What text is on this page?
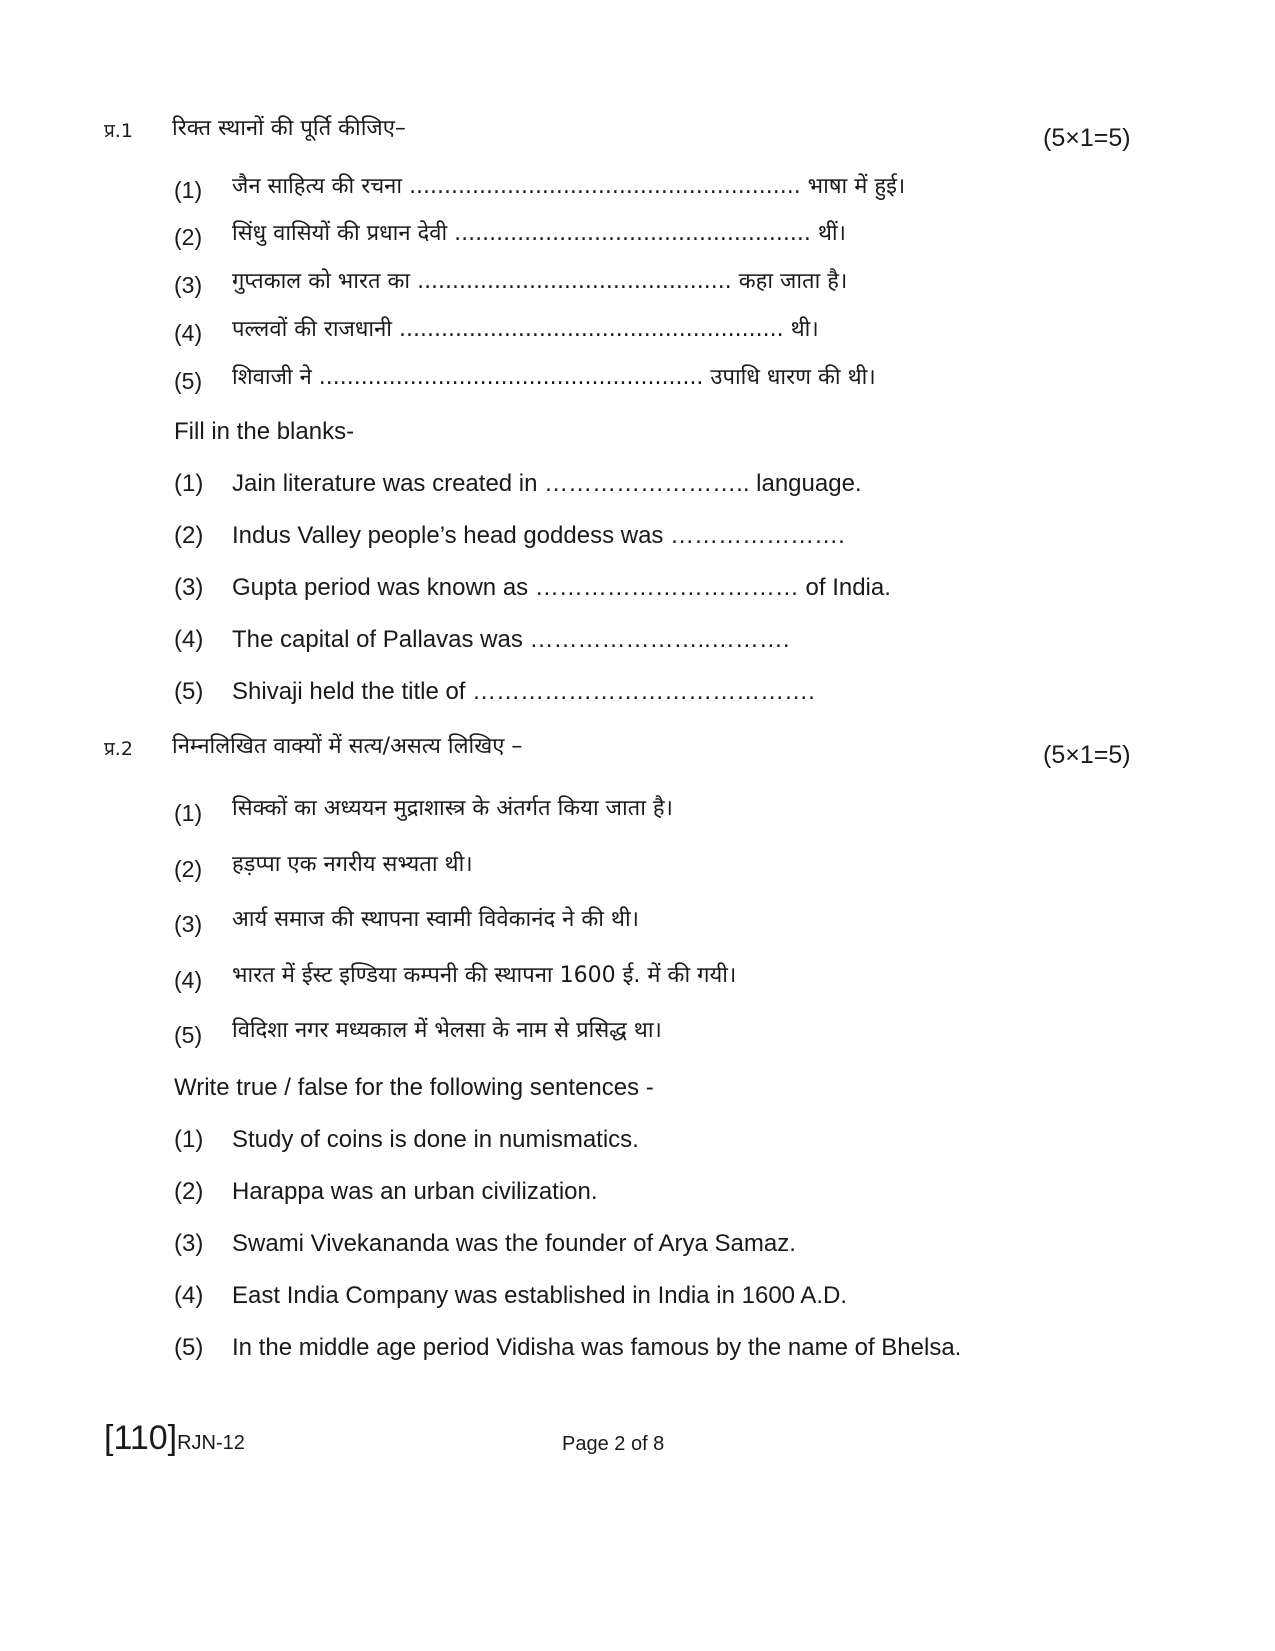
प्र.1 रिक्त स्थानों की पूर्ति कीजिए–	(5×1=5)
(1) जैन साहित्य की रचना ........................................................ भाषा में हुई।
(2) सिंधु वासियों की प्रधान देवी ................................................... थीं।
(3) गुप्तकाल को भारत का ............................................. कहा जाता है।
(4) पल्लवों की राजधानी ....................................................... थी।
(5) शिवाजी ने ....................................................... उपाधि धारण की थी।
Fill in the blanks-
(1) Jain literature was created in …………………….. language.
(2) Indus Valley people’s head goddess was ………………….
(3) Gupta period was known as …………………………… of India.
(4) The capital of Pallavas was …………………..……….
(5) Shivaji held the title of …………………………………….
प्र.2 निम्नलिखित वाक्यों में सत्य/असत्य लिखिए –	(5×1=5)
(1) सिक्कों का अध्ययन मुद्राशास्त्र के अंतर्गत किया जाता है।
(2) हड़प्पा एक नगरीय सभ्यता थी।
(3) आर्य समाज की स्थापना स्वामी विवेकानंद ने की थी।
(4) भारत में ईस्ट इण्डिया कम्पनी की स्थापना 1600 ई. में की गयी।
(5) विदिशा नगर मध्यकाल में भेलसा के नाम से प्रसिद्ध था।
Write true / false for the following sentences -
(1) Study of coins is done in numismatics.
(2) Harappa was an urban civilization.
(3) Swami Vivekananda was the founder of Arya Samaz.
(4) East India Company was established in India in 1600 A.D.
(5) In the middle age period Vidisha was famous by the name of Bhelsa.
[110]RJN-12	Page 2 of 8
